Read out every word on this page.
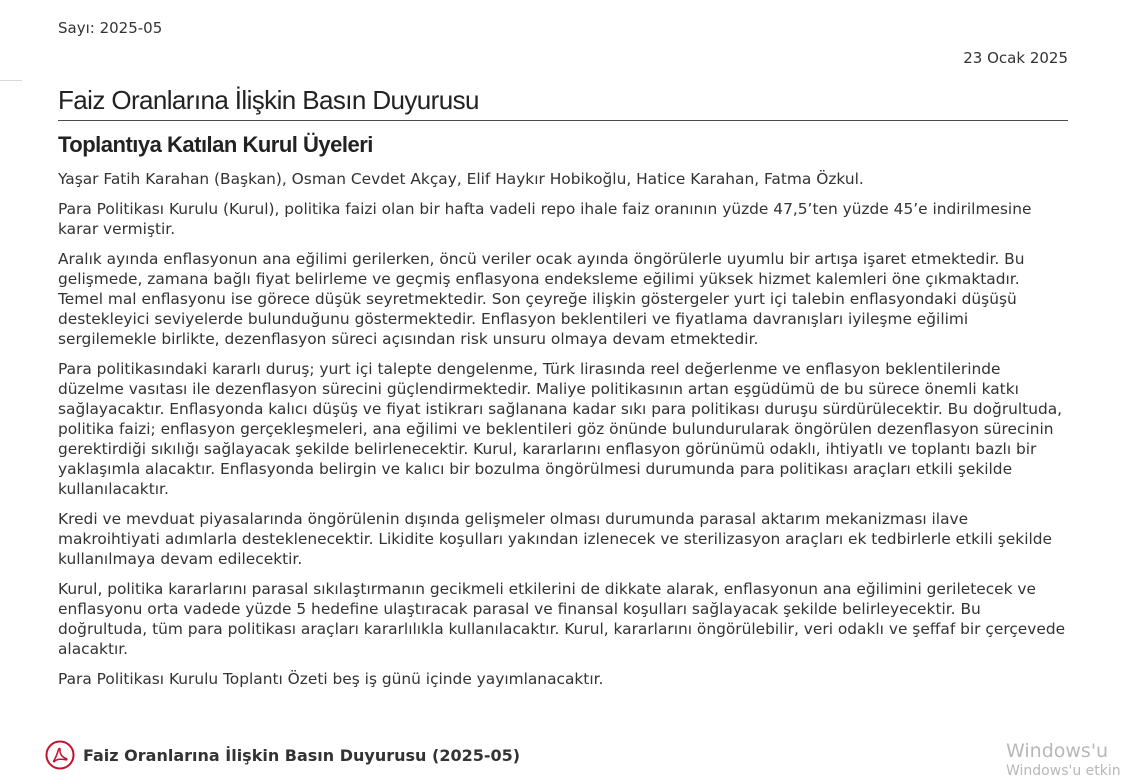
Sayı: 2025-05
23 Ocak 2025
Faiz Oranlarına İlişkin Basın Duyurusu
Toplantıya Katılan Kurul Üyeleri

Yaşar Fatih Karahan (Başkan), Osman Cevdet Akçay, Elif Haykır Hobikoğlu, Hatice Karahan, Fatma Özkul.

Para Politikası Kurulu (Kurul), politika faizi olan bir hafta vadeli repo ihale faiz oranının yüzde 47,5’ten yüzde 45’e indirilmesine karar vermiştir.

Aralık ayında enflasyonun ana eğilimi gerilerken, öncü veriler ocak ayında öngörülerle uyumlu bir artışa işaret etmektedir. Bu gelişmede, zamana bağlı fiyat belirleme ve geçmiş enflasyona endeksleme eğilimi yüksek hizmet kalemleri öne çıkmaktadır. Temel mal enflasyonu ise görece düşük seyretmektedir. Son çeyreğe ilişkin göstergeler yurt içi talebin enflasyondaki düşüşü destekleyici seviyelerde bulunduğunu göstermektedir. Enflasyon beklentileri ve fiyatlama davranışları iyileşme eğilimi sergilemekle birlikte, dezenflasyon süreci açısından risk unsuru olmaya devam etmektedir.

Para politikasındaki kararlı duruş; yurt içi talepte dengelenme, Türk lirasında reel değerlenme ve enflasyon beklentilerinde düzelme vasıtası ile dezenflasyon sürecini güçlendirmektedir. Maliye politikasının artan eşgüdümü de bu sürece önemli katkı sağlayacaktır. Enflasyonda kalıcı düşüş ve fiyat istikrarı sağlanana kadar sıkı para politikası duruşu sürdürülecektir. Bu doğrultuda, politika faizi; enflasyon gerçekleşmeleri, ana eğilimi ve beklentileri göz önünde bulundurularak öngörülen dezenflasyon sürecinin gerektirdiği sıkılığı sağlayacak şekilde belirlenecektir. Kurul, kararlarını enflasyon görünümü odaklı, ihtiyatlı ve toplantı bazlı bir yaklaşımla alacaktır. Enflasyonda belirgin ve kalıcı bir bozulma öngörülmesi durumunda para politikası araçları etkili şekilde kullanılacaktır.

Kredi ve mevduat piyasalarında öngörülenin dışında gelişmeler olması durumunda parasal aktarım mekanizması ilave makroihtiyati adımlarla desteklenecektir. Likidite koşulları yakından izlenecek ve sterilizasyon araçları ek tedbirlerle etkili şekilde kullanılmaya devam edilecektir.

Kurul, politika kararlarını parasal sıkılaştırmanın gecikmeli etkilerini de dikkate alarak, enflasyonun ana eğilimini geriletecek ve enflasyonu orta vadede yüzde 5 hedefine ulaştıracak parasal ve finansal koşulları sağlayacak şekilde belirleyecektir. Bu doğrultuda, tüm para politikası araçları kararlılıkla kullanılacaktır. Kurul, kararlarını öngörülebilir, veri odaklı ve şeffaf bir çerçevede alacaktır.

Para Politikası Kurulu Toplantı Özeti beş iş günü içinde yayımlanacaktır.

Faiz Oranlarına İlişkin Basın Duyurusu (2025-05)	Windows'u
Windows'u etkin
